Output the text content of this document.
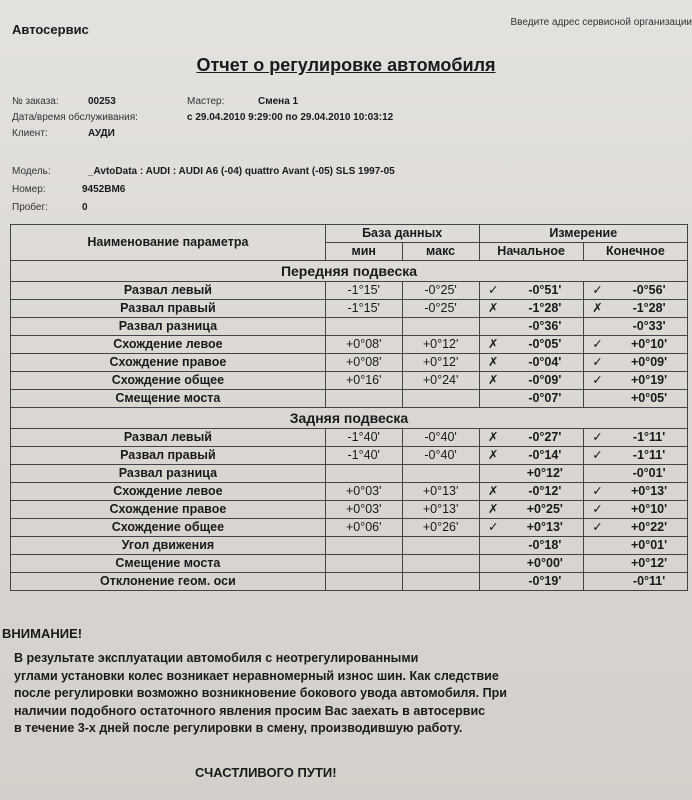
Автосервис	Введите адрес сервисной организации
Отчет о регулировке автомобиля
№ заказа:	00253	Мастер:	Смена 1
Дата/время обслуживания:	с 29.04.2010 9:29:00 по 29.04.2010 10:03:12
Клиент:	АУДИ
Модель:	_AvtoData : AUDI : AUDI A6 (-04) quattro Avant (-05) SLS 1997-05
Номер:	9452ВМ6
Пробег:	0
Наименование параметра	База данных		Измерение			
	мин	макс	Начальное		Конечное	
Передняя подвеска						
Развал левый	-1°15'	-0°25'	✓	-0°51'	✓	-0°56'
Развал правый	-1°15'	-0°25'	✗	-1°28'	✗	-1°28'
Развал разница				-0°36'		-0°33'
Схождение левое	+0°08'	+0°12'	✗	-0°05'	✓	+0°10'
Схождение правое	+0°08'	+0°12'	✗	-0°04'	✓	+0°09'
Схождение общее	+0°16'	+0°24'	✗	-0°09'	✓	+0°19'
Смещение моста				-0°07'		+0°05'
Задняя подвеска						
Развал левый	-1°40'	-0°40'	✗	-0°27'	✓	-1°11'
Развал правый	-1°40'	-0°40'	✗	-0°14'	✓	-1°11'
Развал разница				+0°12'		-0°01'
Схождение левое	+0°03'	+0°13'	✗	-0°12'	✓	+0°13'
Схождение правое	+0°03'	+0°13'	✗	+0°25'	✓	+0°10'
Схождение общее	+0°06'	+0°26'	✓	+0°13'	✓	+0°22'
Угол движения				-0°18'		+0°01'
Смещение моста				+0°00'		+0°12'
Отклонение геом. оси				-0°19'		-0°11'
ВНИМАНИЕ!
В результате эксплуатации автомобиля с неотрегулированными
углами установки колес возникает неравномерный износ шин. Как следствие
после регулировки возможно возникновение бокового увода автомобиля. При
наличии подобного остаточного явления просим Вас заехать в автосервис
в течение 3-х дней после регулировки в смену, производившую работу.
СЧАСТЛИВОГО ПУТИ!
